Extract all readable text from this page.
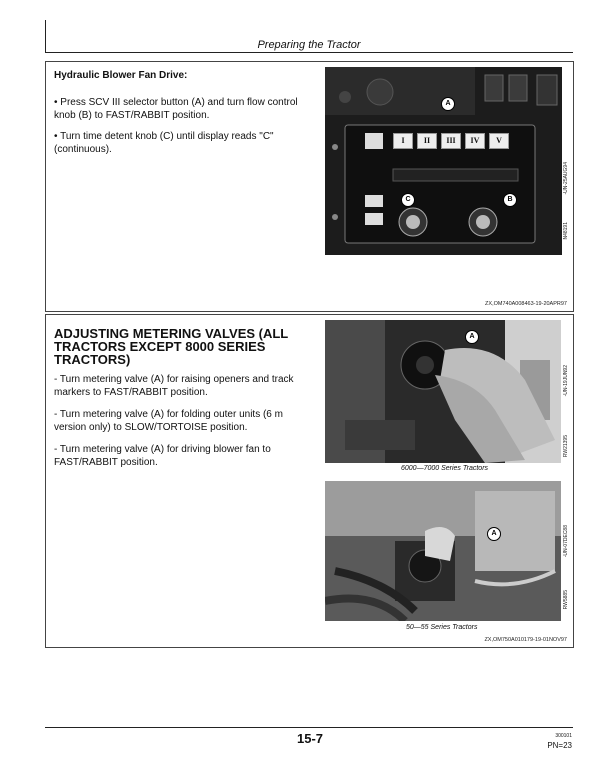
Preparing the Tractor
Hydraulic Blower Fan Drive:

• Press SCV III selector button (A) and turn flow control knob (B) to FAST/RABBIT position.

• Turn time detent knob (C) until display reads "C" (continuous).

I	II	III	IV	V
A
C	B
-UN-25AUG94
N48191
ZX,OM740A008463-19-20APR97

ADJUSTING METERING VALVES (ALL TRACTORS EXCEPT 8000 SERIES TRACTORS)

- Turn metering valve (A) for raising openers and track markers to FAST/RABBIT position.

- Turn metering valve (A) for folding outer units (6 m version only) to SLOW/TORTOISE position.

- Turn metering valve (A) for driving blower fan to FAST/RABBIT position.

A
-UN-19JUN92
RW21395
6000—7000 Series Tractors
A	-UN-07DEC88
RW5885
50—55 Series Tractors
ZX,OM750A010179-19-01NOV97
15-7	300101
PN=23
